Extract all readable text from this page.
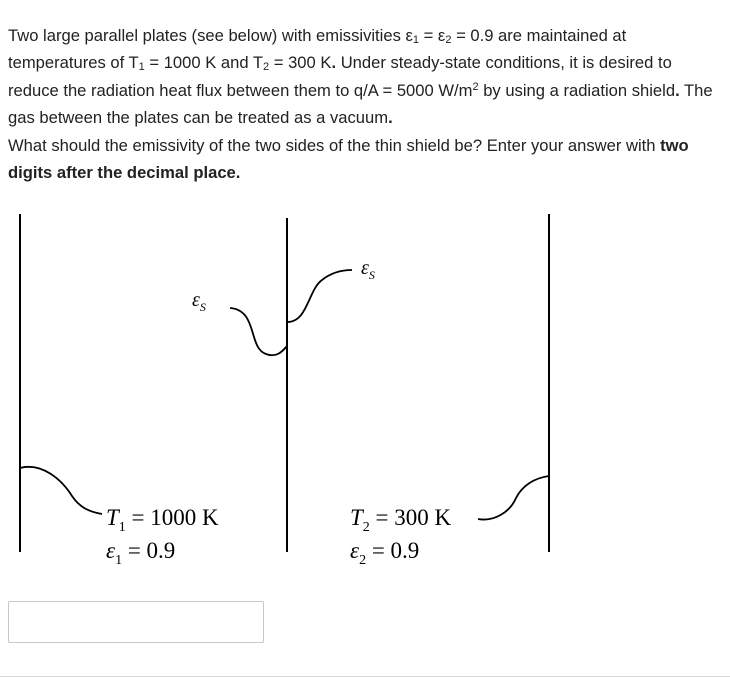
Two large parallel plates (see below) with emissivities $\varepsilon_1 = \varepsilon_2 = 0.9$ are maintained at temperatures of $T_1 = 1000$ K and $T_2 = 300$ K. Under steady-state conditions, it is desired to reduce the radiation heat flux between them to q/A = 5000 $W/m^2$ by using a radiation shield. The gas between the plates can be treated as a vacuum.

What should the emissivity of the two sides of the thin shield be? Enter your answer with two digits after the decimal place.

$\varepsilon_S$
$\varepsilon_S$
$T_1 = 1000$ K
$\varepsilon_1 = 0.9$
$T_2 = 300$ K
$\varepsilon_2 = 0.9$
